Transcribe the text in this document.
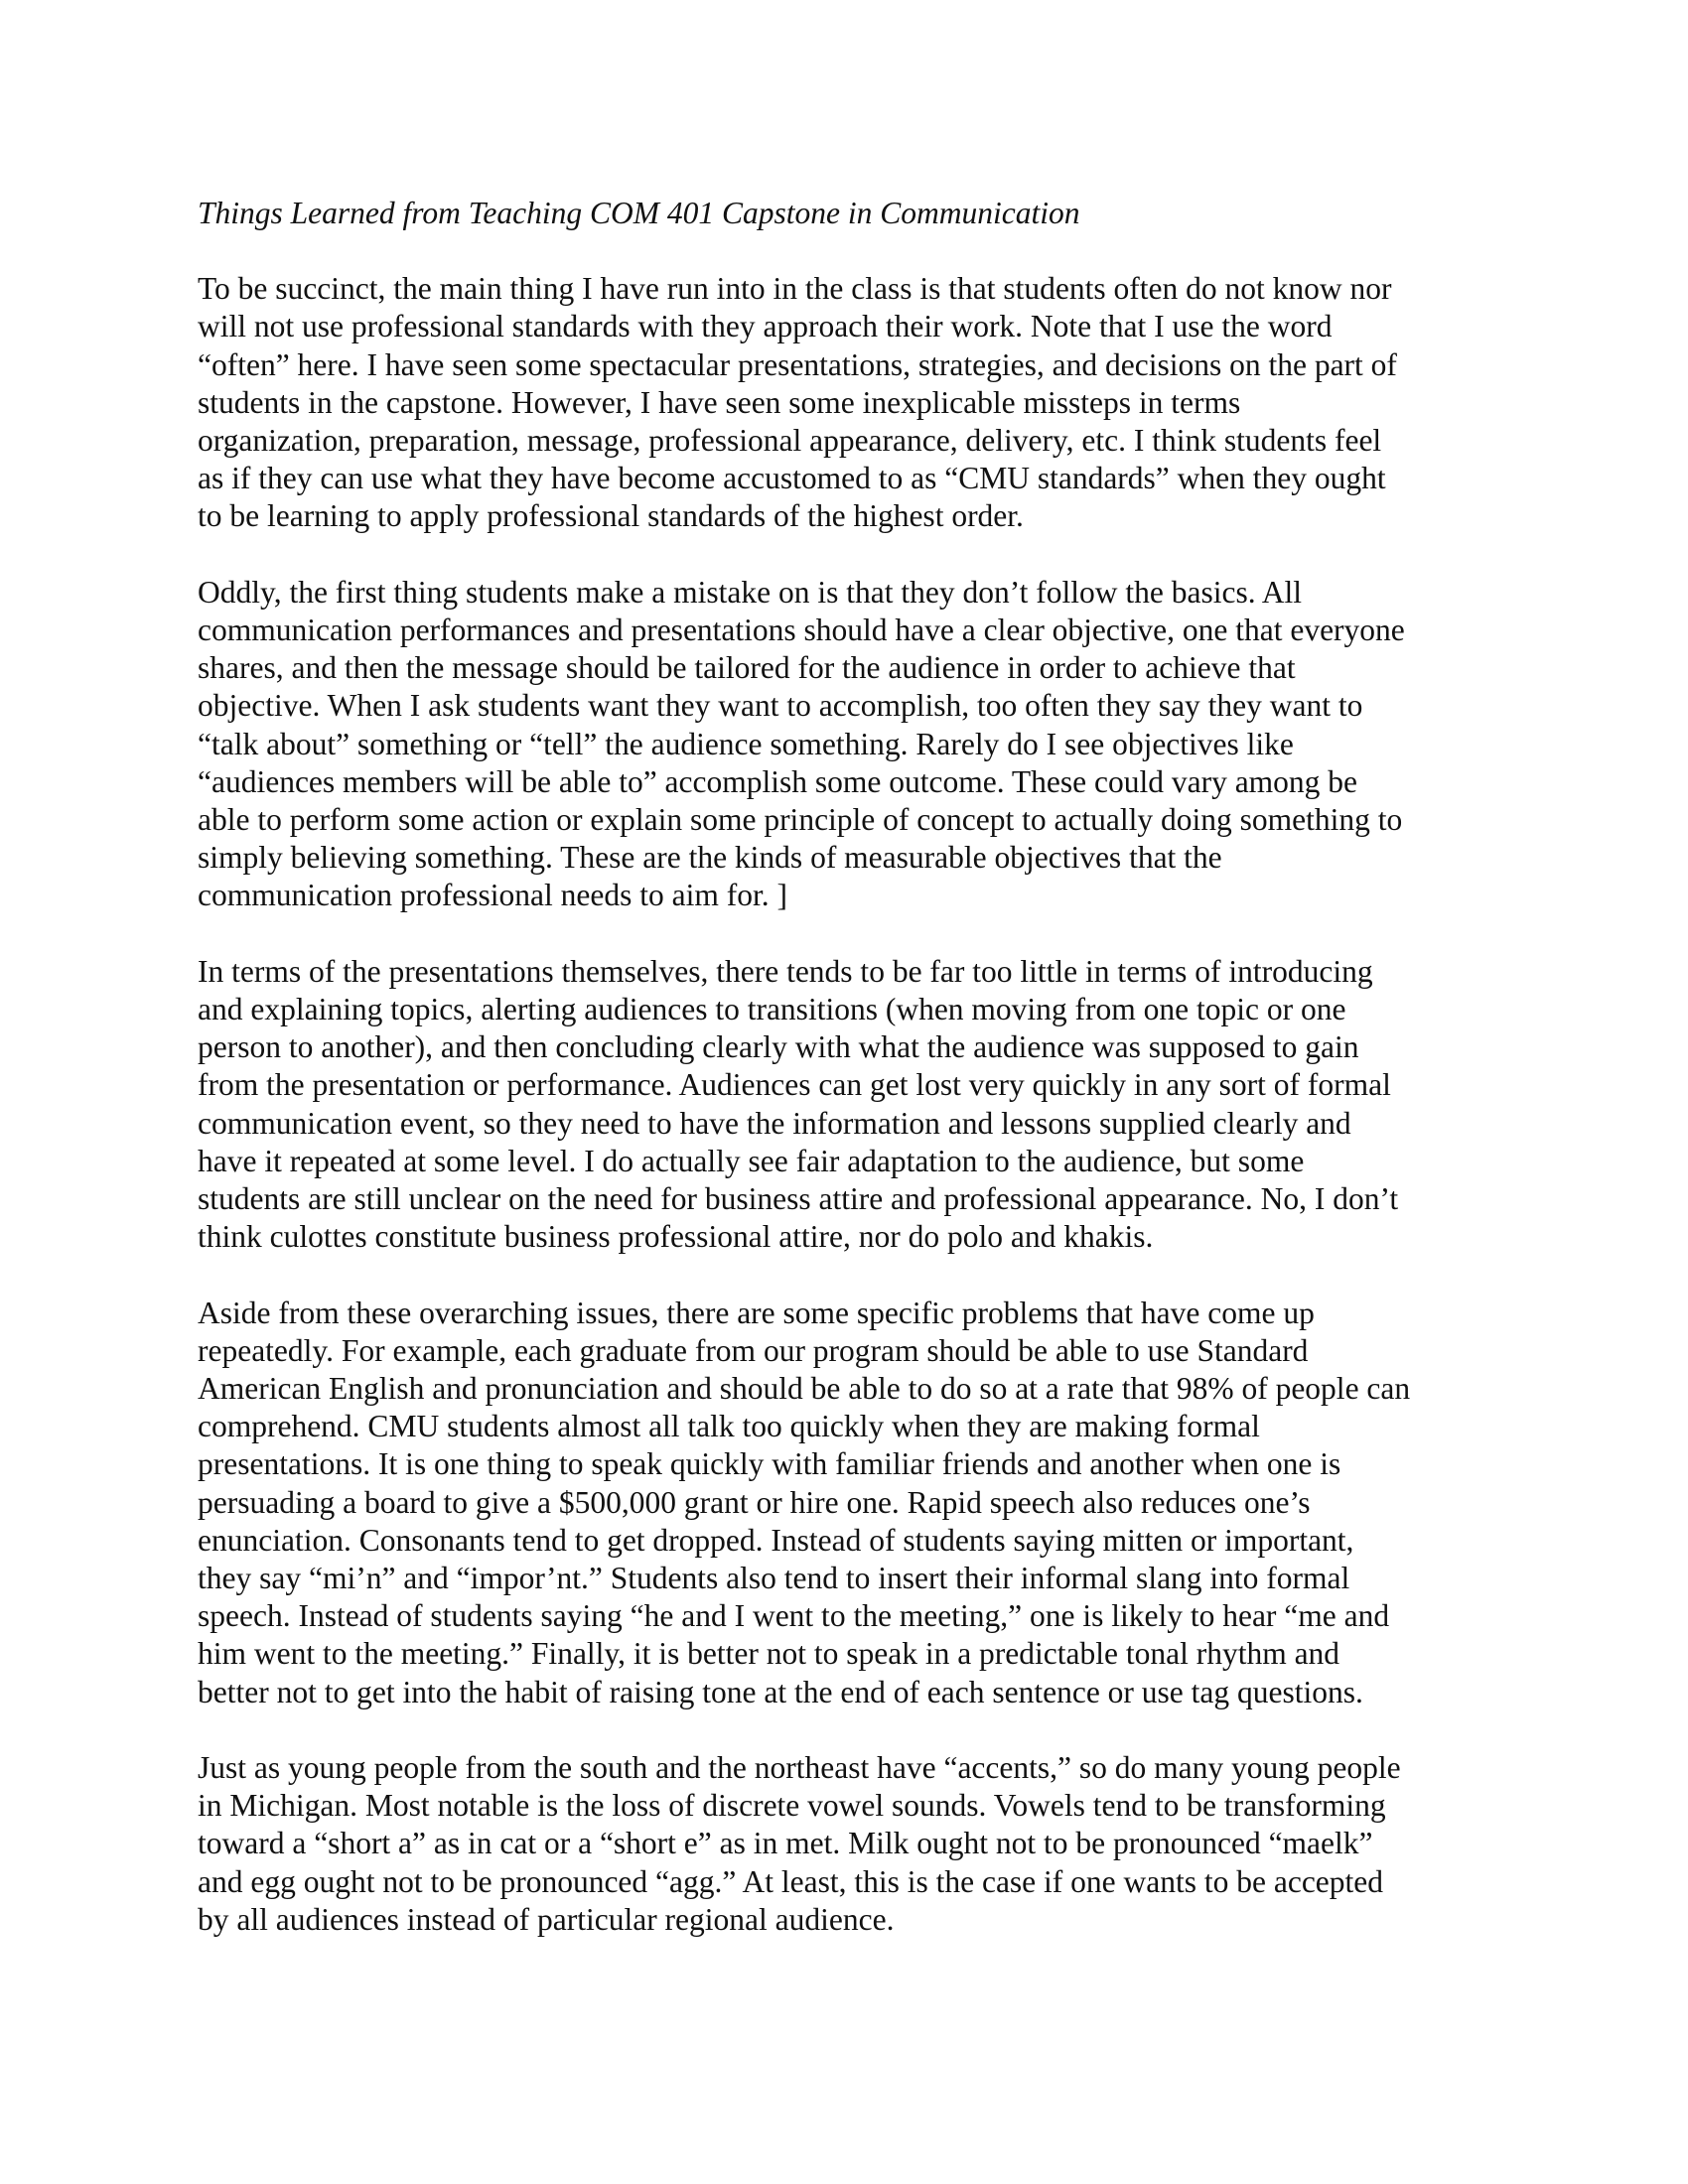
Things Learned from Teaching COM 401 Capstone in Communication
To be succinct, the main thing I have run into in the class is that students often do not know nor
will not use professional standards with they approach their work. Note that I use the word
“often” here. I have seen some spectacular presentations, strategies, and decisions on the part of
students in the capstone. However, I have seen some inexplicable missteps in terms
organization, preparation, message, professional appearance, delivery, etc. I think students feel
as if they can use what they have become accustomed to as “CMU standards” when they ought
to be learning to apply professional standards of the highest order.
Oddly, the first thing students make a mistake on is that they don’t follow the basics. All
communication performances and presentations should have a clear objective, one that everyone
shares, and then the message should be tailored for the audience in order to achieve that
objective. When I ask students want they want to accomplish, too often they say they want to
“talk about” something or “tell” the audience something. Rarely do I see objectives like
“audiences members will be able to” accomplish some outcome. These could vary among be
able to perform some action or explain some principle of concept to actually doing something to
simply believing something. These are the kinds of measurable objectives that the
communication professional needs to aim for. ]
In terms of the presentations themselves, there tends to be far too little in terms of introducing
and explaining topics, alerting audiences to transitions (when moving from one topic or one
person to another), and then concluding clearly with what the audience was supposed to gain
from the presentation or performance. Audiences can get lost very quickly in any sort of formal
communication event, so they need to have the information and lessons supplied clearly and
have it repeated at some level. I do actually see fair adaptation to the audience, but some
students are still unclear on the need for business attire and professional appearance. No, I don’t
think culottes constitute business professional attire, nor do polo and khakis.
Aside from these overarching issues, there are some specific problems that have come up
repeatedly. For example, each graduate from our program should be able to use Standard
American English and pronunciation and should be able to do so at a rate that 98% of people can
comprehend. CMU students almost all talk too quickly when they are making formal
presentations. It is one thing to speak quickly with familiar friends and another when one is
persuading a board to give a $500,000 grant or hire one. Rapid speech also reduces one’s
enunciation. Consonants tend to get dropped. Instead of students saying mitten or important,
they say “mi’n” and “impor’nt.” Students also tend to insert their informal slang into formal
speech. Instead of students saying “he and I went to the meeting,” one is likely to hear “me and
him went to the meeting.” Finally, it is better not to speak in a predictable tonal rhythm and
better not to get into the habit of raising tone at the end of each sentence or use tag questions.
Just as young people from the south and the northeast have “accents,” so do many young people
in Michigan. Most notable is the loss of discrete vowel sounds. Vowels tend to be transforming
toward a “short a” as in cat or a “short e” as in met. Milk ought not to be pronounced “maelk”
and egg ought not to be pronounced “agg.” At least, this is the case if one wants to be accepted
by all audiences instead of particular regional audience.
